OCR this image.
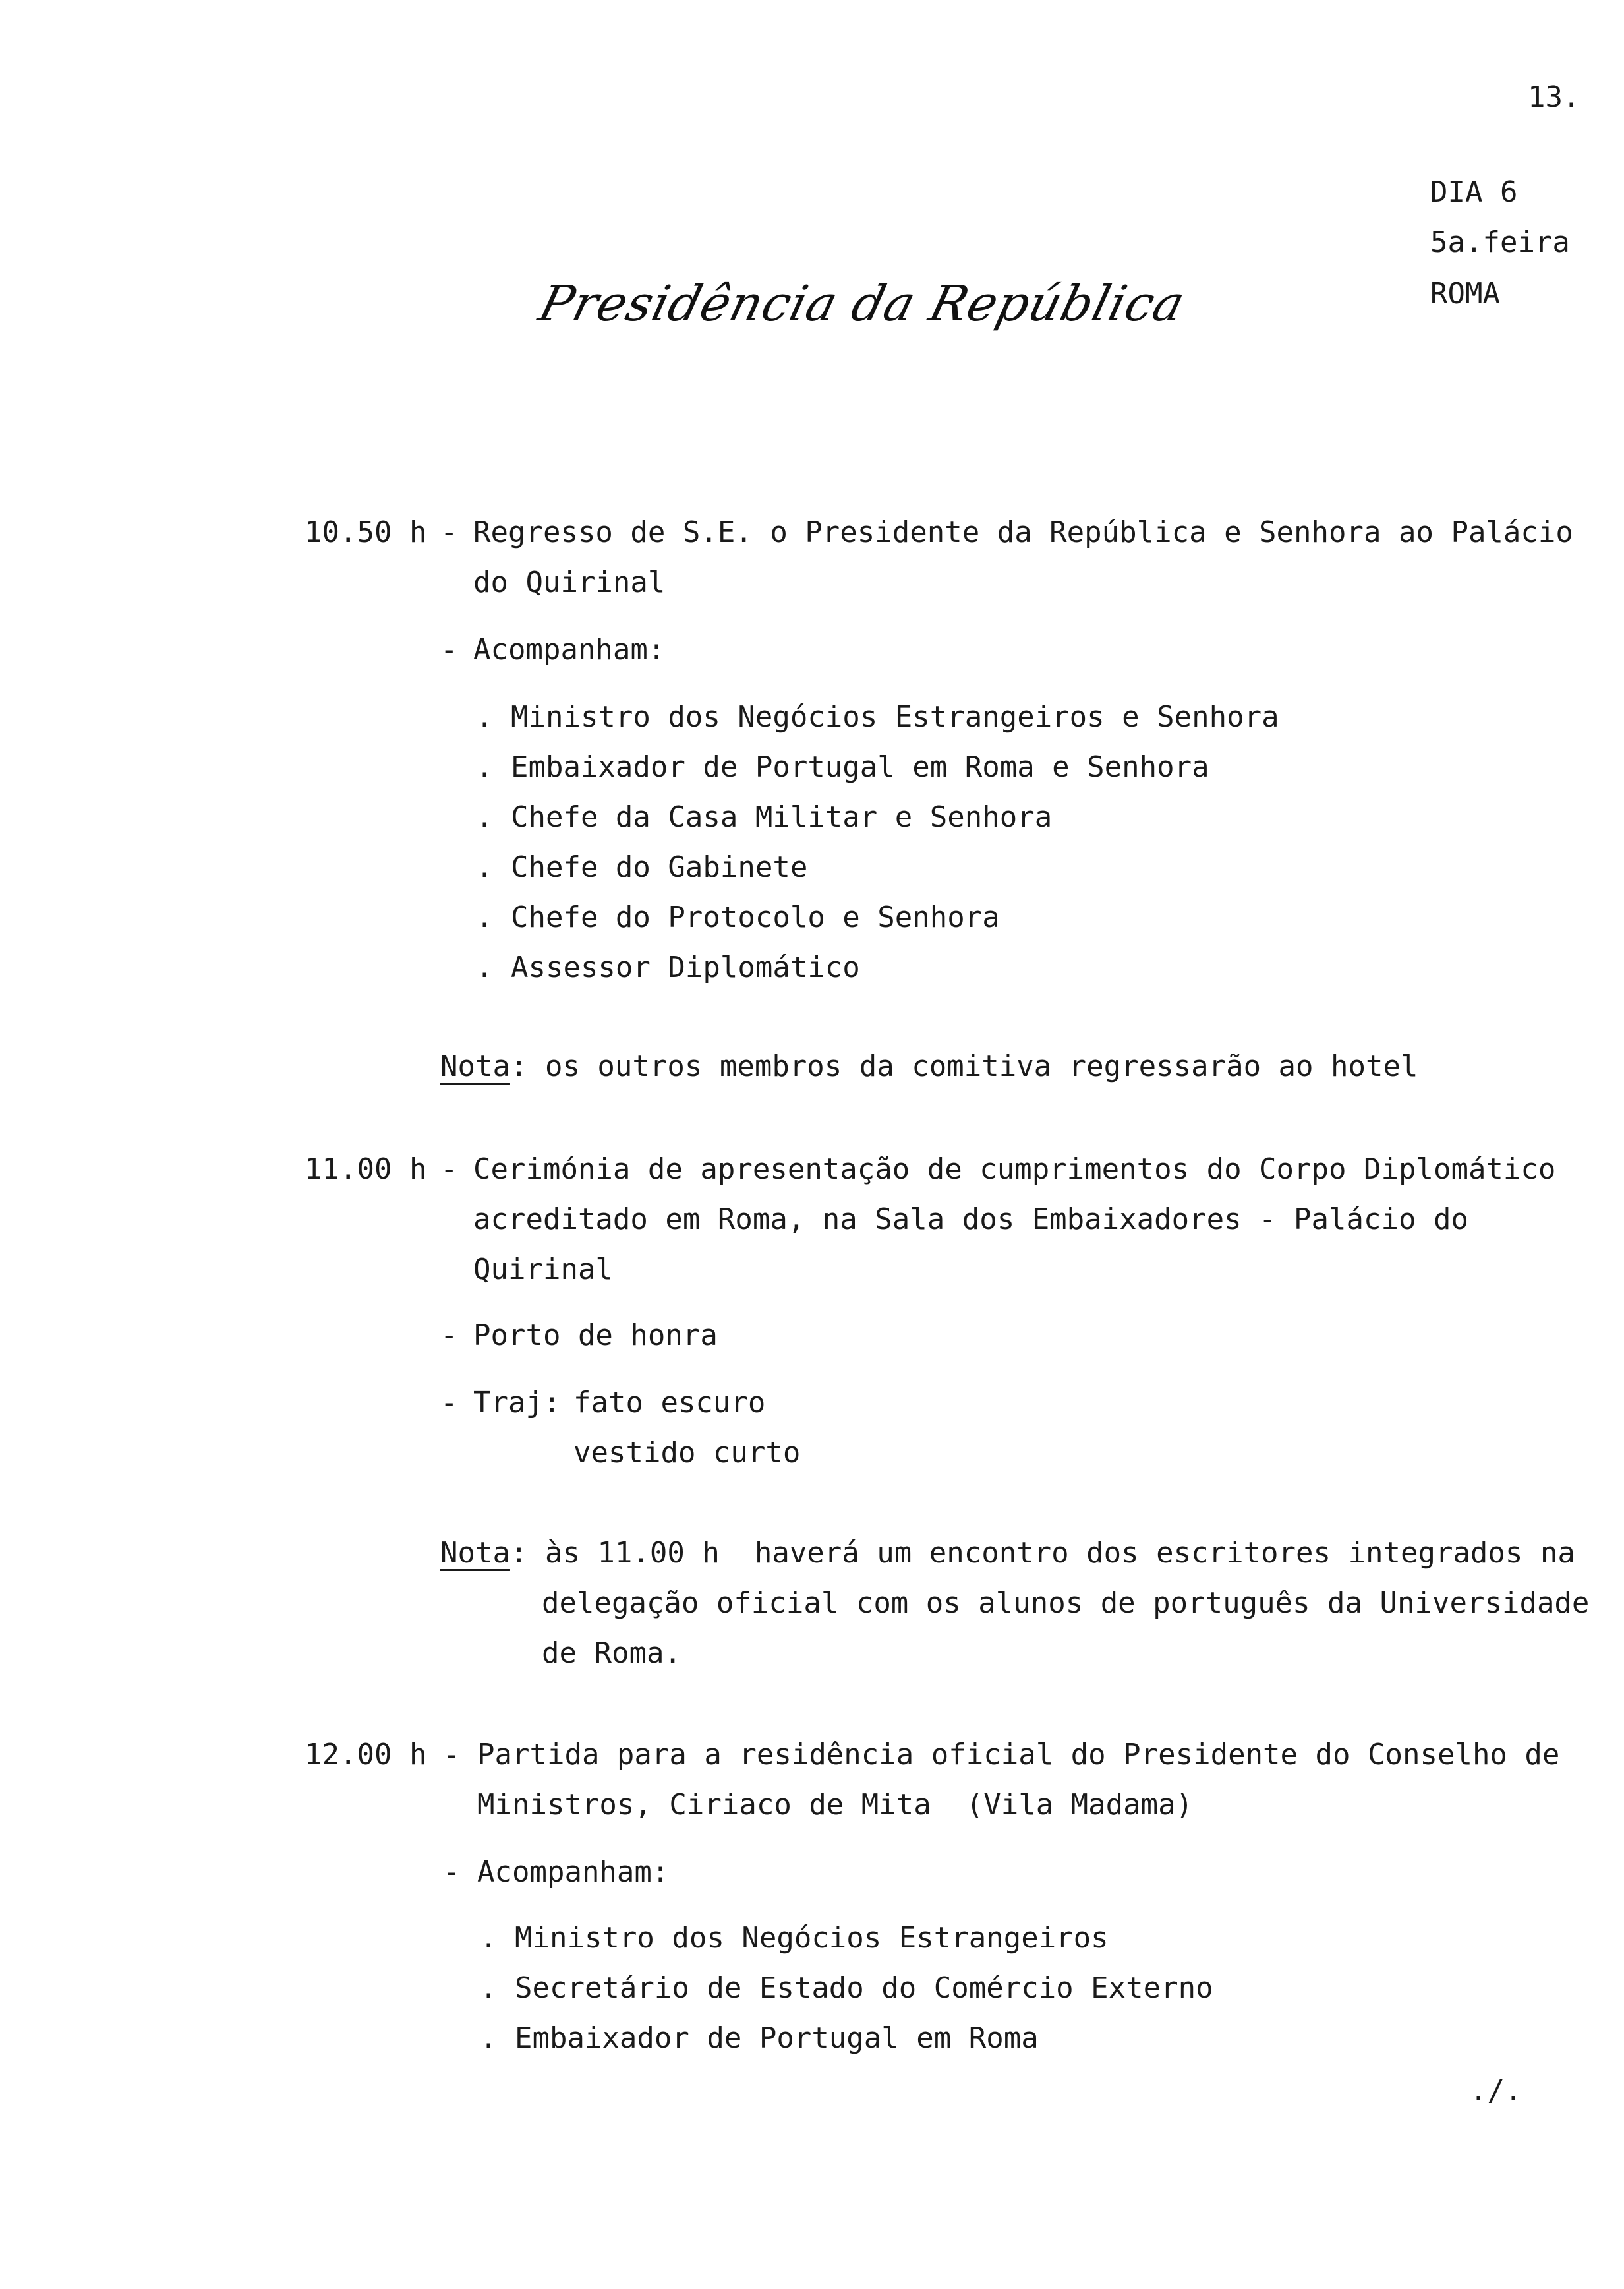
13.
DIA 6
5a.feira
ROMA
Presidência da República
10.50 h - Regresso de S.E. o Presidente da República e Senhora ao Palácio
do Quirinal
- Acompanham:
. Ministro dos Negócios Estrangeiros e Senhora
. Embaixador de Portugal em Roma e Senhora
. Chefe da Casa Militar e Senhora
. Chefe do Gabinete
. Chefe do Protocolo e Senhora
. Assessor Diplomático
Nota: os outros membros da comitiva regressarão ao hotel
11.00 h - Cerimónia de apresentação de cumprimentos do Corpo Diplomático
acreditado em Roma, na Sala dos Embaixadores - Palácio do
Quirinal
- Porto de honra
- Traj: fato escuro
vestido curto
Nota: às 11.00 h  haverá um encontro dos escritores integrados na
delegação oficial com os alunos de português da Universidade
de Roma.
12.00 h - Partida para a residência oficial do Presidente do Conselho de
Ministros, Ciriaco de Mita  (Vila Madama)
- Acompanham:
. Ministro dos Negócios Estrangeiros
. Secretário de Estado do Comércio Externo
. Embaixador de Portugal em Roma
./.
